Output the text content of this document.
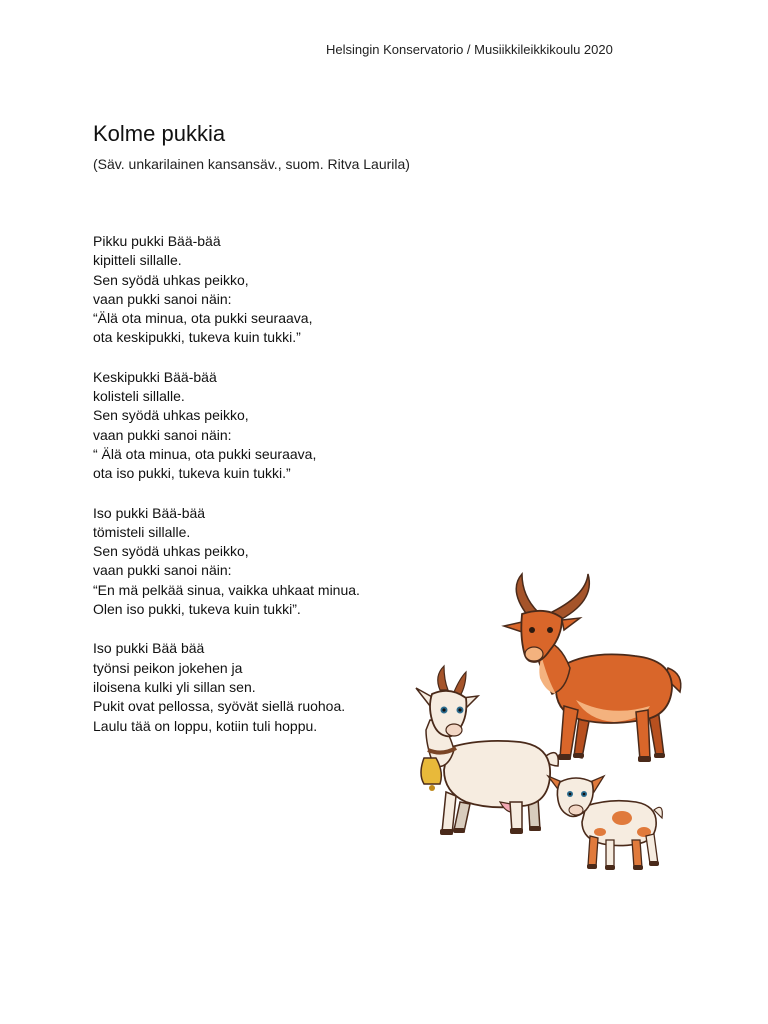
Helsingin Konservatorio / Musiikkileikkikoulu 2020
Kolme pukkia
(Säv. unkarilainen kansansäv., suom. Ritva Laurila)

Pikku pukki Bää-bää
kipitteli sillalle.
Sen syödä uhkas peikko,
vaan pukki sanoi näin:
“Älä ota minua, ota pukki seuraava,
ota keskipukki, tukeva kuin tukki.”

Keskipukki Bää-bää
kolisteli sillalle.
Sen syödä uhkas peikko,
vaan pukki sanoi näin:
“ Älä ota minua, ota pukki seuraava,
ota iso pukki, tukeva kuin tukki.”

Iso pukki Bää-bää
tömisteli sillalle.
Sen syödä uhkas peikko,
vaan pukki sanoi näin:
“En mä pelkää sinua, vaikka uhkaat minua.
Olen iso pukki, tukeva kuin tukki”.

Iso pukki Bää bää
työnsi peikon jokehen ja
iloisena kulki yli sillan sen.
Pukit ovat pellossa, syövät siellä ruohoa.
Laulu tää on loppu, kotiin tuli hoppu.
